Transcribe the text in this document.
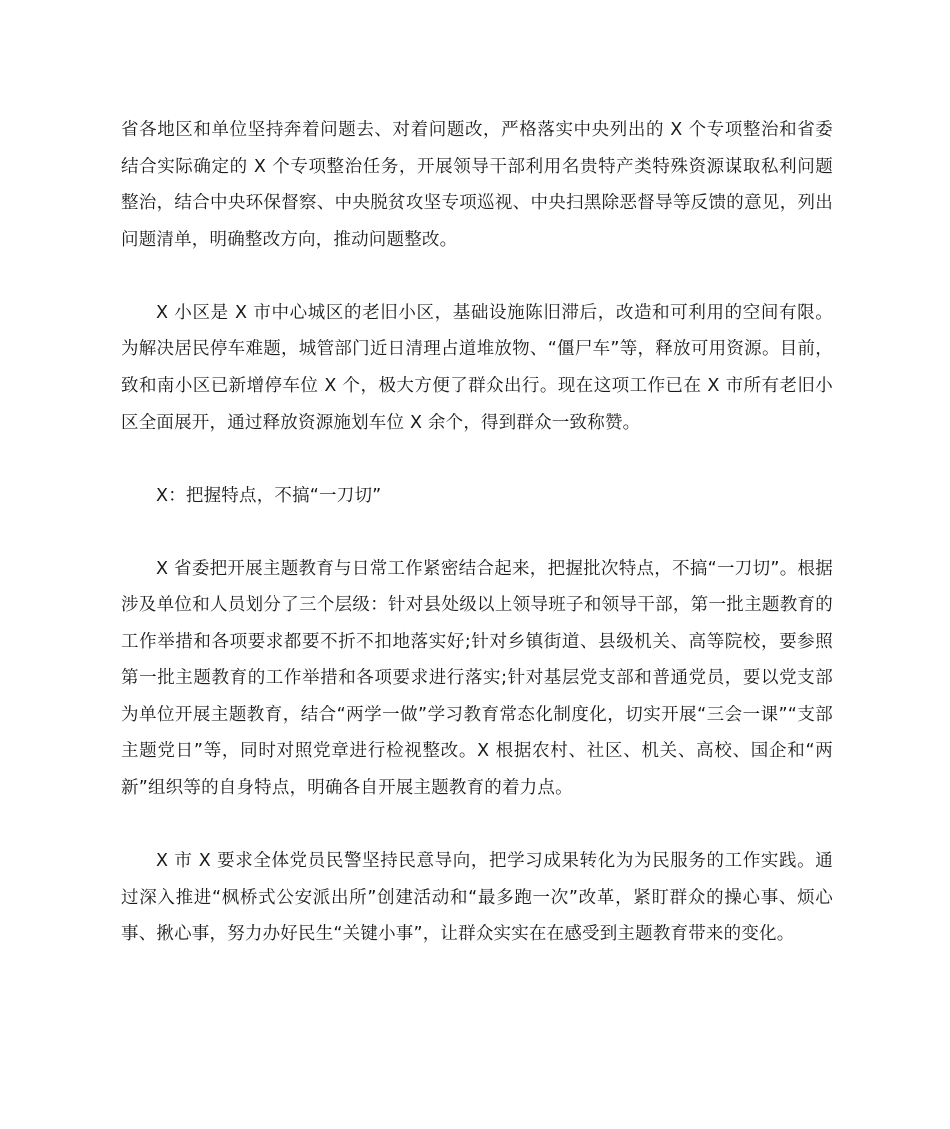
省各地区和单位坚持奔着问题去、对着问题改，严格落实中央列出的 X 个专项整治和省委结合实际确定的 X 个专项整治任务，开展领导干部利用名贵特产类特殊资源谋取私利问题整治，结合中央环保督察、中央脱贫攻坚专项巡视、中央扫黑除恶督导等反馈的意见，列出问题清单，明确整改方向，推动问题整改。

X 小区是 X 市中心城区的老旧小区，基础设施陈旧滞后，改造和可利用的空间有限。为解决居民停车难题，城管部门近日清理占道堆放物、“僵尸车”等，释放可用资源。目前，致和南小区已新增停车位 X 个，极大方便了群众出行。现在这项工作已在 X 市所有老旧小区全面展开，通过释放资源施划车位 X 余个，得到群众一致称赞。

X：把握特点，不搞“一刀切”

X 省委把开展主题教育与日常工作紧密结合起来，把握批次特点，不搞“一刀切”。根据涉及单位和人员划分了三个层级：针对县处级以上领导班子和领导干部，第一批主题教育的工作举措和各项要求都要不折不扣地落实好;针对乡镇街道、县级机关、高等院校，要参照第一批主题教育的工作举措和各项要求进行落实;针对基层党支部和普通党员，要以党支部为单位开展主题教育，结合“两学一做”学习教育常态化制度化，切实开展“三会一课”“支部主题党日”等，同时对照党章进行检视整改。X 根据农村、社区、机关、高校、国企和“两新”组织等的自身特点，明确各自开展主题教育的着力点。

X 市 X 要求全体党员民警坚持民意导向，把学习成果转化为为民服务的工作实践。通过深入推进“枫桥式公安派出所”创建活动和“最多跑一次”改革，紧盯群众的操心事、烦心事、揪心事，努力办好民生“关键小事”，让群众实实在在感受到主题教育带来的变化。
